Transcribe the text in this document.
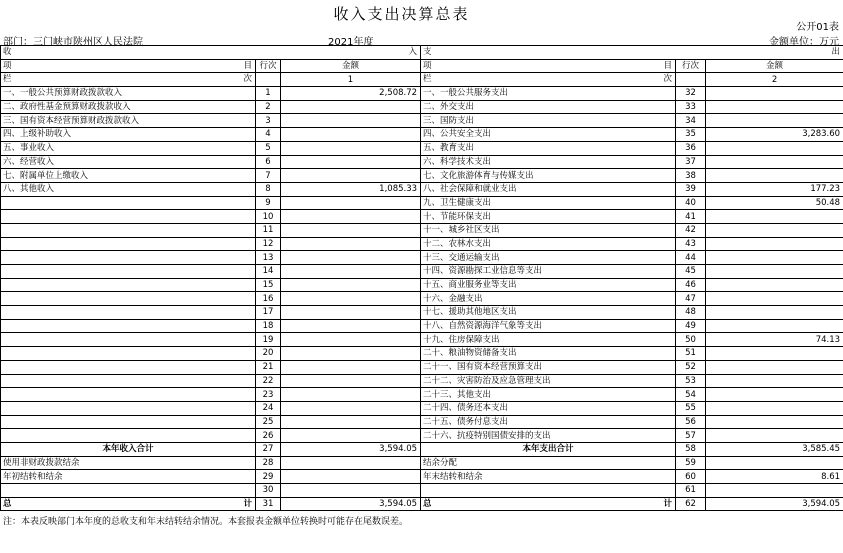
收入支出决算总表
公开01表
部门：三门峡市陕州区人民法院	2021年度	金额单位：万元
收 入			支 出		

项 目	行次	金额	项 目	行次	金额

栏 次		1	栏 次		2
一、一般公共预算财政拨款收入	1	2,508.72	一、一般公共服务支出	32	
二、政府性基金预算财政拨款收入	2		二、外交支出	33	
三、国有资本经营预算财政拨款收入	3		三、国防支出	34	
四、上级补助收入	4		四、公共安全支出	35	3,283.60
五、事业收入	5		五、教育支出	36	
六、经营收入	6		六、科学技术支出	37	
七、附属单位上缴收入	7		七、文化旅游体育与传媒支出	38	
八、其他收入	8	1,085.33	八、社会保障和就业支出	39	177.23
	9		九、卫生健康支出	40	50.48
	10		十、节能环保支出	41	
	11		十一、城乡社区支出	42	
	12		十二、农林水支出	43	
	13		十三、交通运输支出	44	
	14		十四、资源勘探工业信息等支出	45	
	15		十五、商业服务业等支出	46	
	16		十六、金融支出	47	
	17		十七、援助其他地区支出	48	
	18		十八、自然资源海洋气象等支出	49	
	19		十九、住房保障支出	50	74.13
	20		二十、粮油物资储备支出	51	
	21		二十一、国有资本经营预算支出	52	
	22		二十二、灾害防治及应急管理支出	53	
	23		二十三、其他支出	54	
	24		二十四、债务还本支出	55	
	25		二十五、债务付息支出	56	
	26		二十六、抗疫特别国债安排的支出	57	
本年收入合计	27	3,594.05	本年支出合计	58	3,585.45
使用非财政拨款结余	28		结余分配	59	
年初结转和结余	29		年末结转和结余	60	8.61
	30			61	

总 计	31	3,594.05	总 计	62	3,594.05
注：本表反映部门本年度的总收支和年末结转结余情况。本套报表金额单位转换时可能存在尾数误差。
